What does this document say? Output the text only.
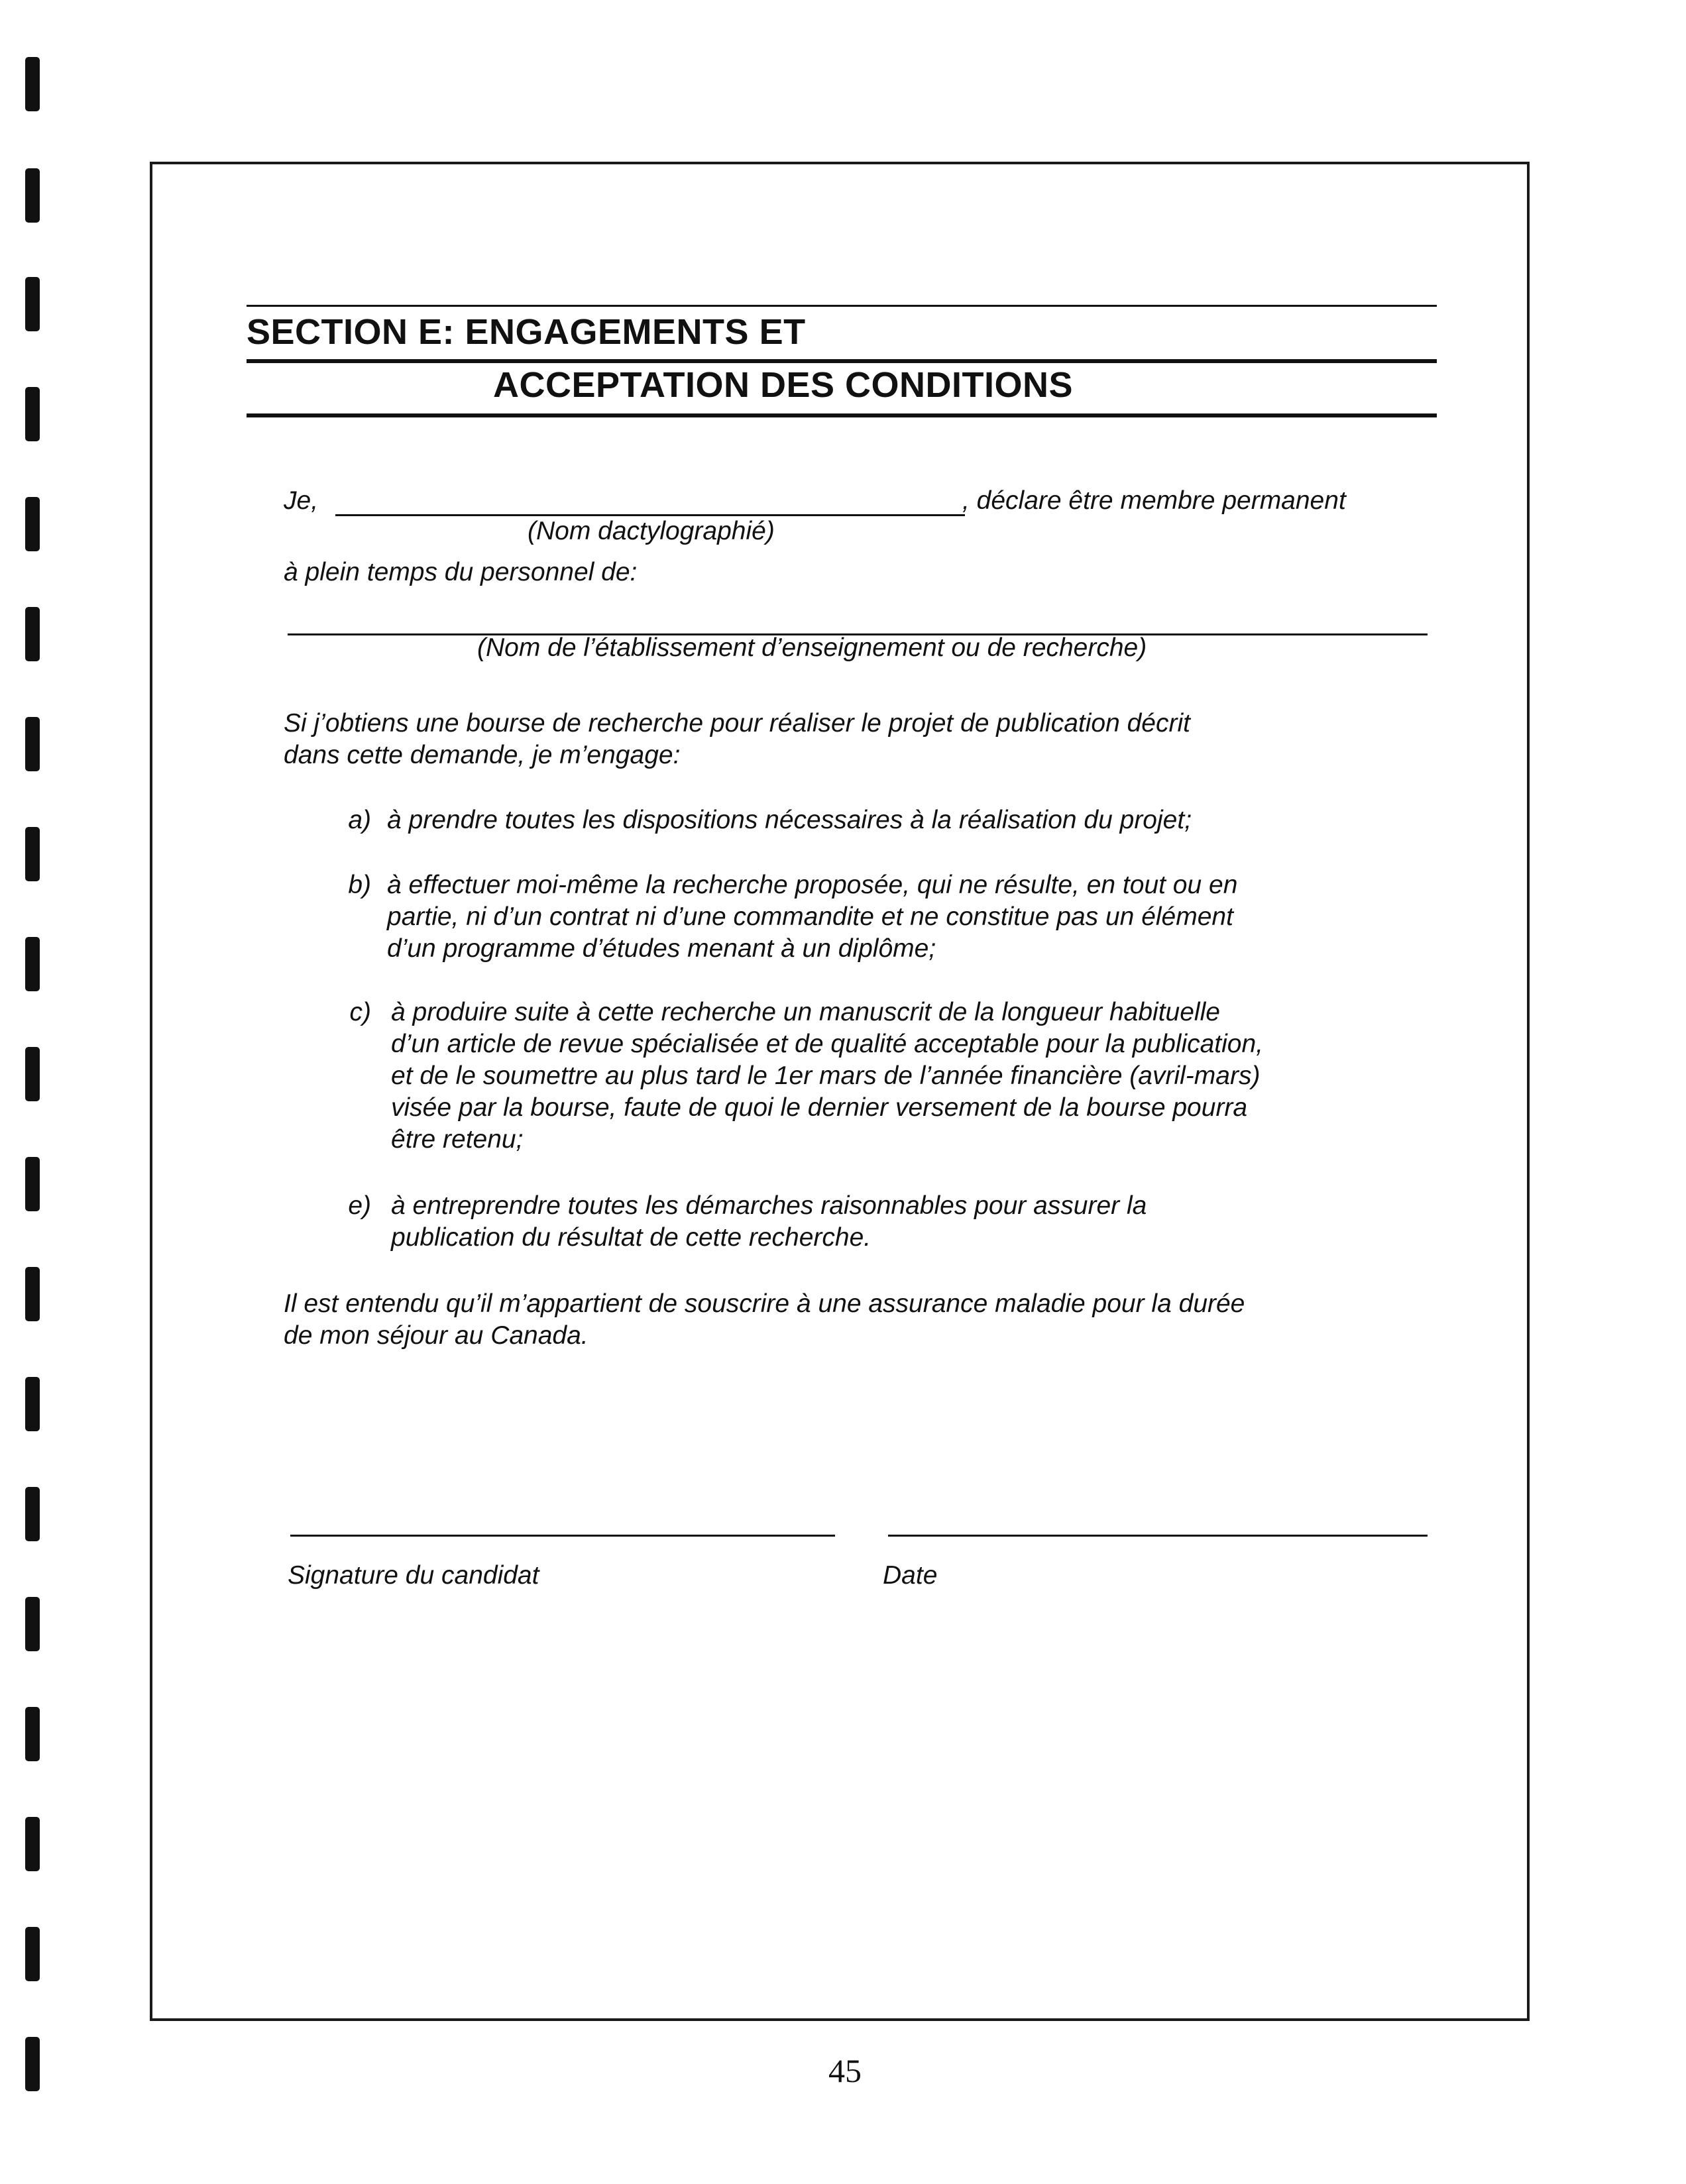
SECTION E: ENGAGEMENTS ET
ACCEPTATION DES CONDITIONS
Je,	, déclare être membre permanent
(Nom dactylographié)
à plein temps du personnel de:
(Nom de l’établissement d’enseignement ou de recherche)
Si j’obtiens une bourse de recherche pour réaliser le projet de publication décrit
dans cette demande, je m’engage:
a) à prendre toutes les dispositions nécessaires à la réalisation du projet;
b) à effectuer moi-même la recherche proposée, qui ne résulte, en tout ou en
partie, ni d’un contrat ni d’une commandite et ne constitue pas un élément
d’un programme d’études menant à un diplôme;
c) à produire suite à cette recherche un manuscrit de la longueur habituelle
d’un article de revue spécialisée et de qualité acceptable pour la publication,
et de le soumettre au plus tard le 1er mars de l’année financière (avril-mars)
visée par la bourse, faute de quoi le dernier versement de la bourse pourra
être retenu;
e) à entreprendre toutes les démarches raisonnables pour assurer la
publication du résultat de cette recherche.
Il est entendu qu’il m’appartient de souscrire à une assurance maladie pour la durée
de mon séjour au Canada.
Signature du candidat	Date
45
